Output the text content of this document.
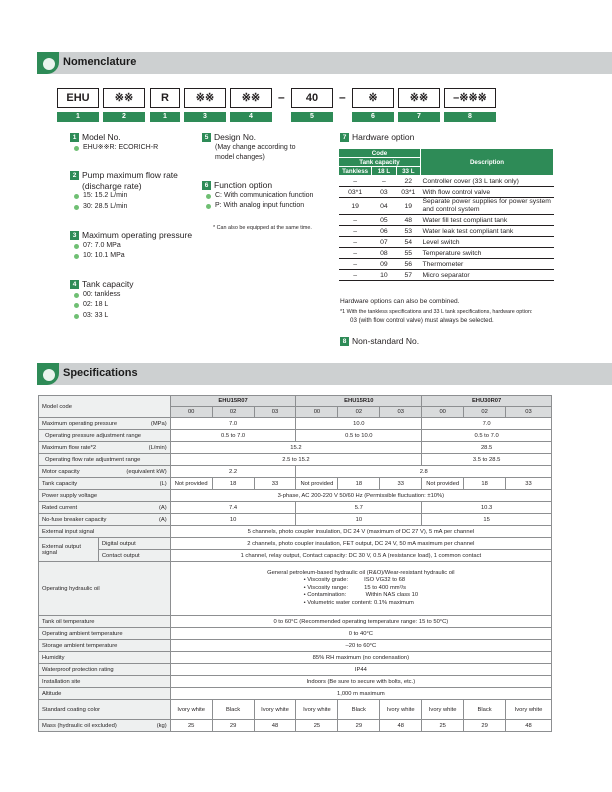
Nomenclature
EHU	※※	R	※※	※※	–	40	–	※	※※	–※※※
1	2	1	3	4	5	6	7	8
1 Model No.
EHU※※R: ECORICH-R
2 Pump maximum flow rate (discharge rate)
15: 15.2 L/min
30: 28.5 L/min
3 Maximum operating pressure
07: 7.0 MPa
10: 10.1 MPa
4 Tank capacity
00: tankless
02: 18 L
03: 33 L
5 Design No.
(May change according to model changes)
6 Function option
C: With communication function
P: With analog input function
* Can also be equipped at the same time.
7 Hardware option
Code			Description
Tank capacity			
Tankless	18 L	33 L	
–	–	22	Controller cover (33 L tank only)
03*1	03	03*1	With flow control valve
19	04	19	Separate power supplies for power system and control system
–	05	48	Water fill test compliant tank
–	06	53	Water leak test compliant tank
–	07	54	Level switch
–	08	55	Temperature switch
–	09	56	Thermometer
–	10	57	Micro separator
Hardware options can also be combined.
*1 With the tankless specifications and 33 L tank specifications, hardware option:
03 (with flow control valve) must always be selected.
8 Non-standard No.
Specifications
Model code		EHU15R07			EHU15R10			EHU30R07		
		00	02	03	00	02	03	00	02	03
Maximum operating pressure (MPa)		7.0			10.0			7.0		
Operating pressure adjustment range		0.5 to 7.0			0.5 to 10.0			0.5 to 7.0		
Maximum flow rate*2 (L/min)		15.2						28.5		
Operating flow rate adjustment range		2.5 to 15.2						3.5 to 28.5		
Motor capacity (equivalent kW)		2.2			2.8					
Tank capacity (L)		Not provided	18	33	Not provided	18	33	Not provided	18	33
Power supply voltage		3-phase, AC 200-220 V 50/60 Hz (Permissible fluctuation: ±10%)								
Rated current (A)		7.4			5.7			10.3		
No-fuse breaker capacity (A)		10			10			15		
External input signal		5 channels, photo coupler insulation, DC 24 V (maximum of DC 27 V), 5 mA per channel								
External output signal	Digital output	2 channels, photo coupler insulation, FET output, DC 24 V, 50 mA maximum per channel								
	Contact output	1 channel, relay output, Contact capacity: DC 30 V, 0.5 A (resistance load), 1 common contact								
Operating hydraulic oil		General petroleum-based hydraulic oil (R&O)/Wear-resistant hydraulic oil
• Viscosity grade:          ISO VG32 to 68
• Viscosity range:          15 to 400 mm²/s
• Contamination:            Within NAS class 10
• Volumetric water content: 0.1% maximum								

Tank oil temperature		0 to 60°C (Recommended operating temperature range: 15 to 50°C)								
Operating ambient temperature		0 to 40°C								
Storage ambient temperature		–20 to 60°C								
Humidity		85% RH maximum (no condensation)								
Waterproof protection rating		IP44								
Installation site		Indoors (Be sure to secure with bolts, etc.)								
Altitude		1,000 m maximum								
Standard coating color		Ivory white	Black	Ivory white	Ivory white	Black	Ivory white	Ivory white	Black	Ivory white
Mass (hydraulic oil excluded) (kg)		25	29	48	25	29	48	25	29	48
